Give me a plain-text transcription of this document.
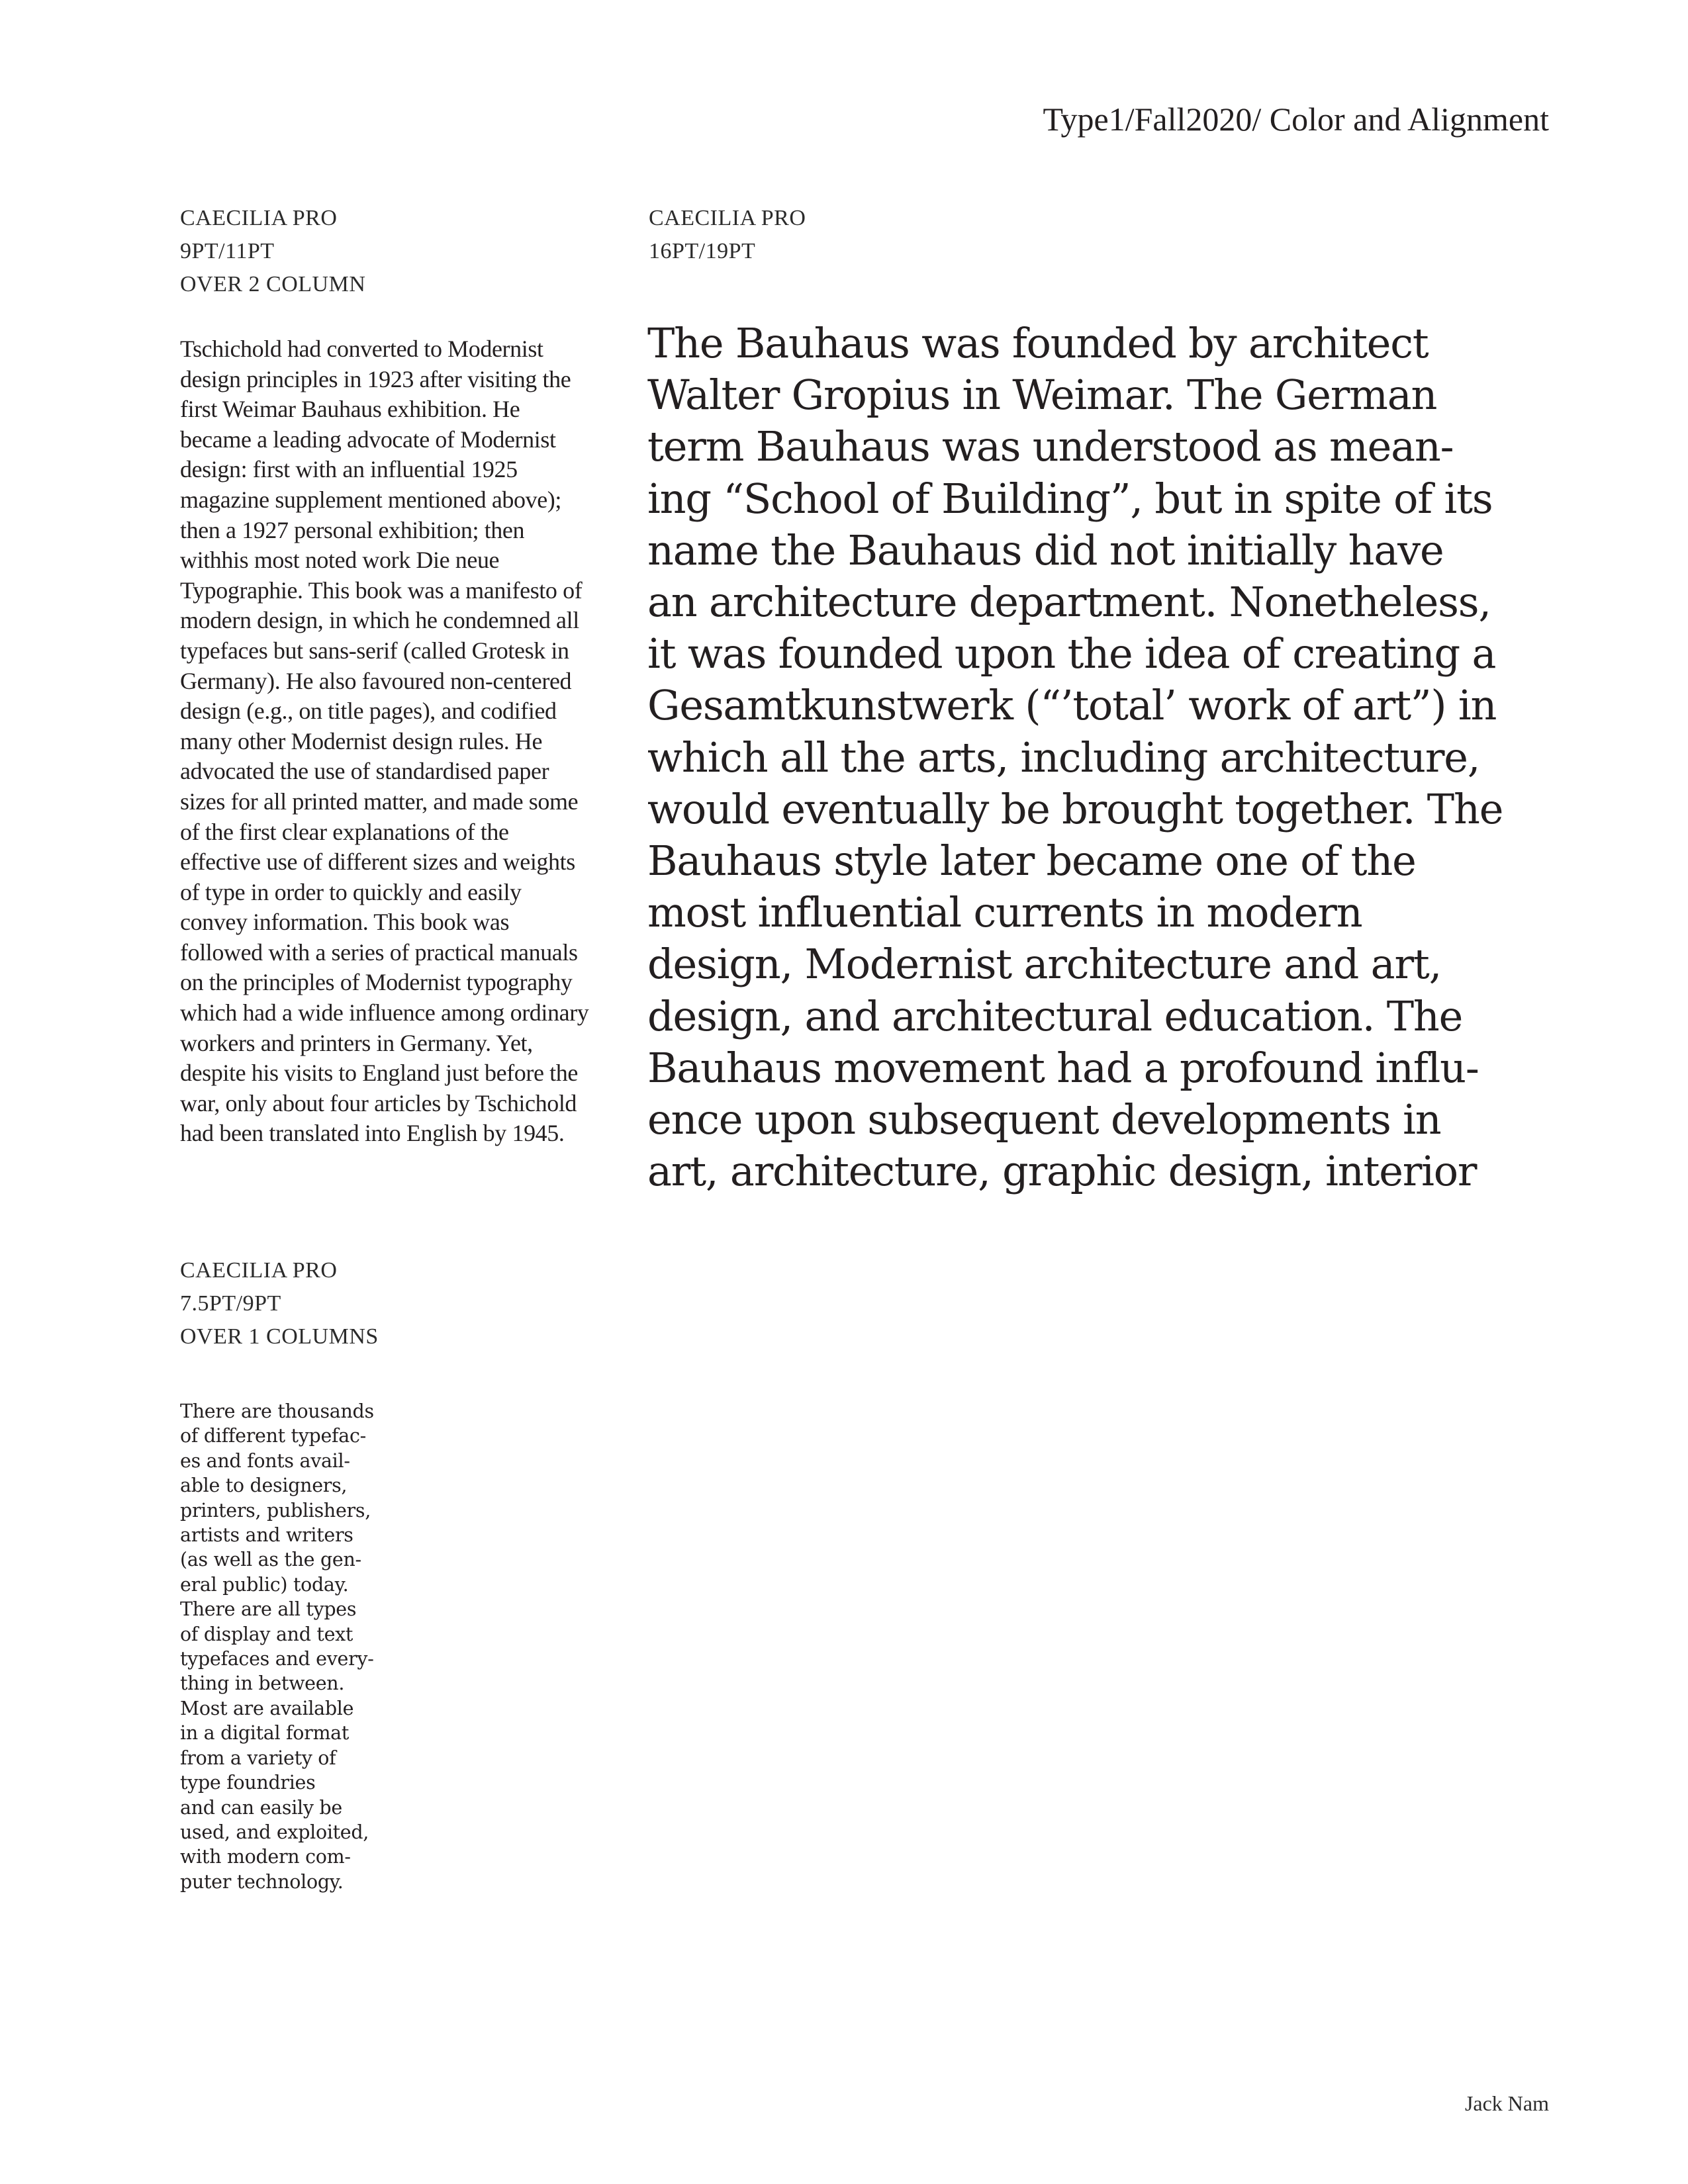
Type1/Fall2020/ Color and Alignment
CAECILIA PRO
9PT/11PT
OVER 2 COLUMN
Tschichold had converted to Modernist
design principles in 1923 after visiting the
first Weimar Bauhaus exhibition. He
became a leading advocate of Modernist
design: first with an influential 1925
magazine supplement mentioned above);
then a 1927 personal exhibition; then
withhis most noted work Die neue
Typographie. This book was a manifesto of
modern design, in which he condemned all
typefaces but sans-serif (called Grotesk in
Germany). He also favoured non-centered
design (e.g., on title pages), and codified
many other Modernist design rules. He
advocated the use of standardised paper
sizes for all printed matter, and made some
of the first clear explanations of the
effective use of different sizes and weights
of type in order to quickly and easily
convey information. This book was
followed with a series of practical manuals
on the principles of Modernist typography
which had a wide influence among ordinary
workers and printers in Germany. Yet,
despite his visits to England just before the
war, only about four articles by Tschichold
had been translated into English by 1945.
CAECILIA PRO
16PT/19PT
The Bauhaus was founded by architect
Walter Gropius in Weimar. The German
term Bauhaus was understood as mean-
ing “School of Building”, but in spite of its
name the Bauhaus did not initially have
an architecture department. Nonetheless,
it was founded upon the idea of creating a
Gesamtkunstwerk (“’total’ work of art”) in
which all the arts, including architecture,
would eventually be brought together. The
Bauhaus style later became one of the
most influential currents in modern
design, Modernist architecture and art,
design, and architectural education. The
Bauhaus movement had a profound influ-
ence upon subsequent developments in
art, architecture, graphic design, interior
CAECILIA PRO
7.5PT/9PT
OVER 1 COLUMNS
There are thousands
of different typefac-
es and fonts avail-
able to designers,
printers, publishers,
artists and writers
(as well as the gen-
eral public) today.
There are all types
of display and text
typefaces and every-
thing in between.
Most are available
in a digital format
from a variety of
type foundries
and can easily be
used, and exploited,
with modern com-
puter technology.
Jack Nam
